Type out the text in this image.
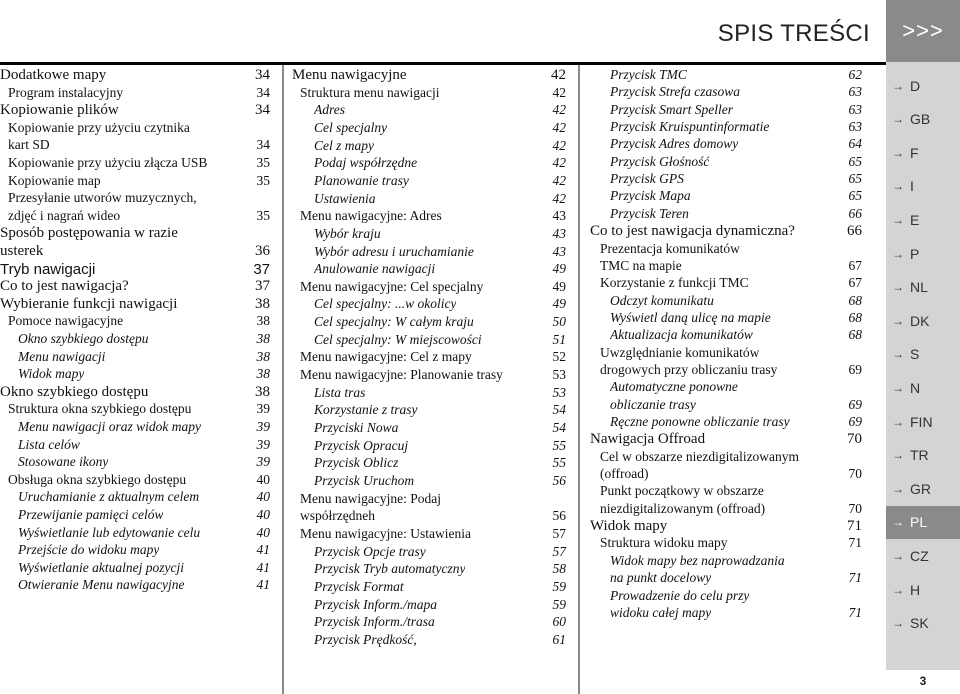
SPIS TREŚCI	>>>
Dodatkowe mapy	34
Program instalacyjny	34
Kopiowanie plików	34
Kopiowanie przy użyciu czytnika
kart SD	34
Kopiowanie przy użyciu złącza USB	35
Kopiowanie map	35
Przesyłanie utworów muzycznych,
zdjęć i nagrań wideo	35
Sposób postępowania w razie
usterek	36
Tryb nawigacji	37
Co to jest nawigacja?	37
Wybieranie funkcji nawigacji	38
Pomoce nawigacyjne	38
Okno szybkiego dostępu	38
Menu nawigacji	38
Widok mapy	38
Okno szybkiego dostępu	38
Struktura okna szybkiego dostępu	39
Menu nawigacji oraz widok mapy	39
Lista celów	39
Stosowane ikony	39
Obsługa okna szybkiego dostępu	40
Uruchamianie z aktualnym celem	40
Przewijanie pamięci celów	40
Wyświetlanie lub edytowanie celu	40
Przejście do widoku mapy	41
Wyświetlanie aktualnej pozycji	41
Otwieranie Menu nawigacyjne	41
Menu nawigacyjne	42
Struktura menu nawigacji	42
Adres	42
Cel specjalny	42
Cel z mapy	42
Podaj współrzędne	42
Planowanie trasy	42
Ustawienia	42
Menu nawigacyjne: Adres	43
Wybór kraju	43
Wybór adresu i uruchamianie	43
Anulowanie nawigacji	49
Menu nawigacyjne: Cel specjalny	49
Cel specjalny: ...w okolicy	49
Cel specjalny: W całym kraju	50
Cel specjalny: W miejscowości	51
Menu nawigacyjne: Cel z mapy	52
Menu nawigacyjne: Planowanie trasy	53
Lista tras	53
Korzystanie z trasy	54
Przyciski Nowa	54
Przycisk Opracuj	55
Przycisk Oblicz	55
Przycisk Uruchom	56
Menu nawigacyjne: Podaj
współrzędneh	56
Menu nawigacyjne: Ustawienia	57
Przycisk Opcje trasy	57
Przycisk Tryb automatyczny	58
Przycisk Format	59
Przycisk Inform./mapa	59
Przycisk Inform./trasa	60
Przycisk Prędkość,	61
Przycisk TMC	62
Przycisk Strefa czasowa	63
Przycisk Smart Speller	63
Przycisk Kruispuntinformatie	63
Przycisk Adres domowy	64
Przycisk Głośność	65
Przycisk GPS	65
Przycisk Mapa	65
Przycisk Teren	66
Co to jest nawigacja dynamiczna?	66
Prezentacja komunikatów
TMC na mapie	67
Korzystanie z funkcji TMC	67
Odczyt komunikatu	68
Wyświetl daną ulicę na mapie	68
Aktualizacja komunikatów	68
Uwzględnianie komunikatów
drogowych przy obliczaniu trasy	69
Automatyczne ponowne
obliczanie trasy	69
Ręczne ponowne obliczanie trasy	69
Nawigacja Offroad	70
Cel w obszarze niezdigitalizowanym
(offroad)	70
Punkt początkowy w obszarze
niezdigitalizowanym (offroad)	70
Widok mapy	71
Struktura widoku mapy	71
Widok mapy bez naprowadzania
na punkt docelowy	71
Prowadzenie do celu przy
widoku całej mapy	71
→ D
→ GB
→ F
→ I
→ E
→ P
→ NL
→ DK
→ S
→ N
→ FIN
→ TR
→ GR
→ PL
→ CZ
→ H
→ SK
3
